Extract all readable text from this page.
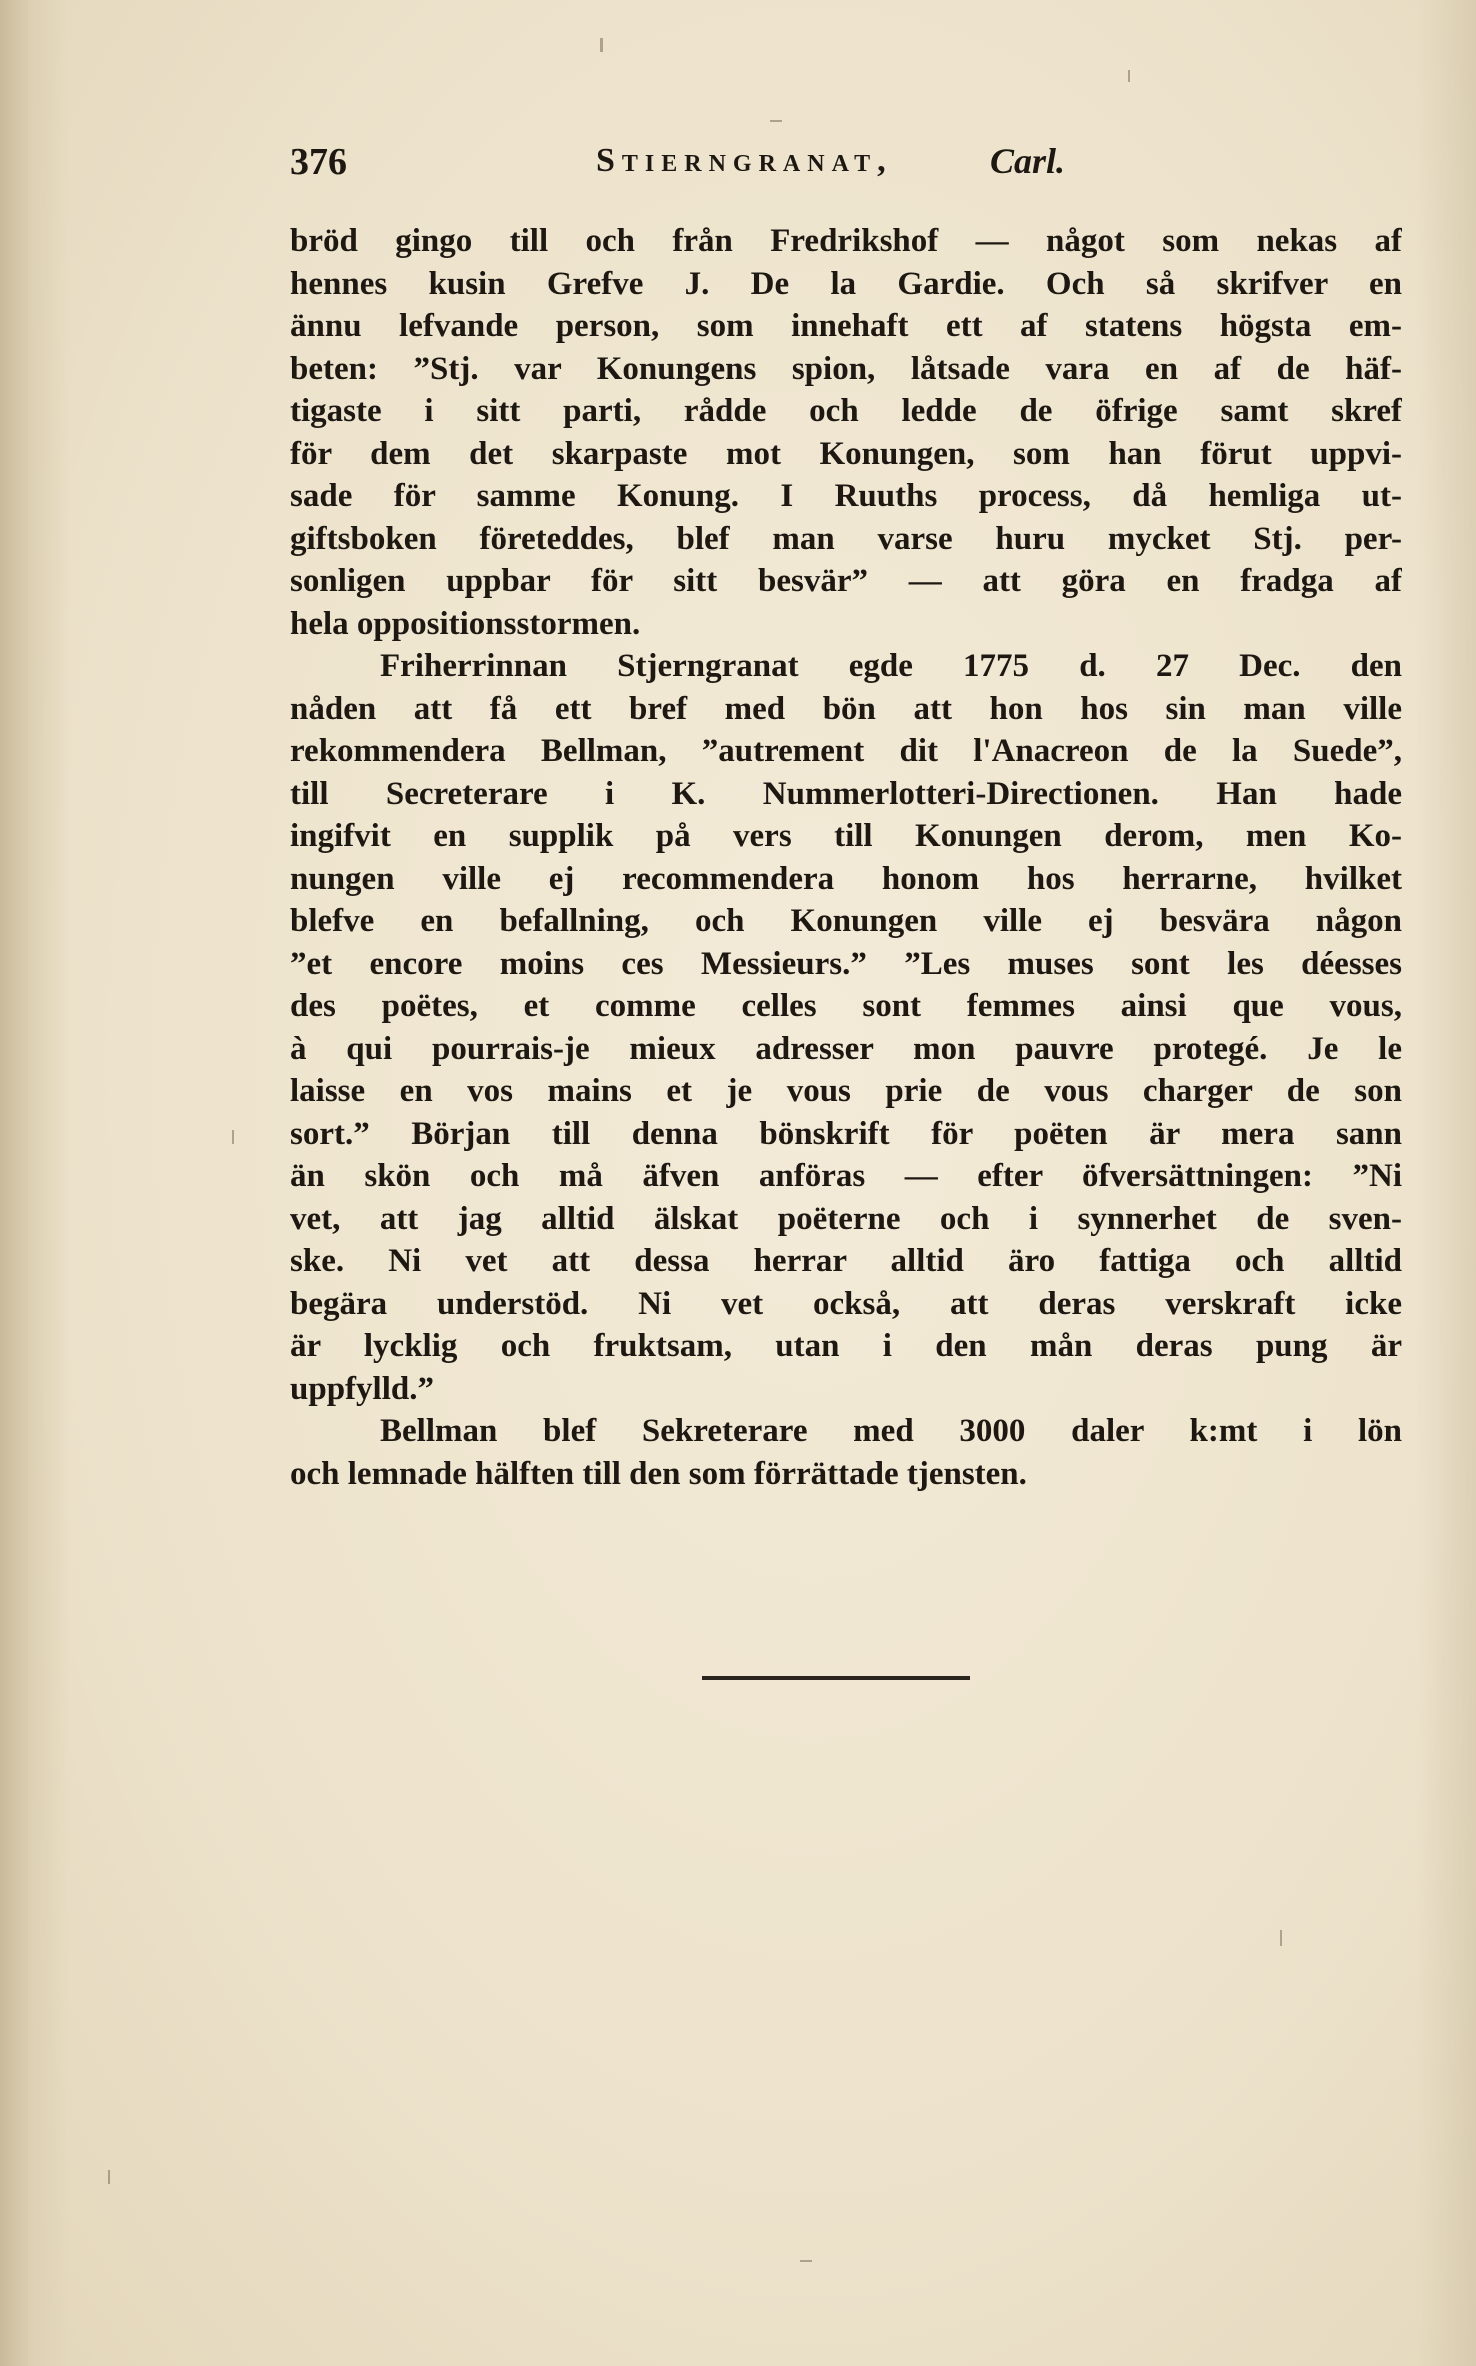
376	Stierngranat,	Carl.
bröd gingo till och från Fredrikshof — något som nekas af
hennes kusin Grefve J. De la Gardie. Och så skrifver en
ännu lefvande person, som innehaft ett af statens högsta em-
beten: ”Stj. var Konungens spion, låtsade vara en af de häf-
tigaste i sitt parti, rådde och ledde de öfrige samt skref
för dem det skarpaste mot Konungen, som han förut uppvi-
sade för samme Konung. I Ruuths process, då hemliga ut-
giftsboken företeddes, blef man varse huru mycket Stj. per-
sonligen uppbar för sitt besvär” — att göra en fradga af
hela oppositionsstormen.
Friherrinnan Stjerngranat egde 1775 d. 27 Dec. den
nåden att få ett bref med bön att hon hos sin man ville
rekommendera Bellman, ”autrement dit l'Anacreon de la Suede”,
till Secreterare i K. Nummerlotteri-Directionen. Han hade
ingifvit en supplik på vers till Konungen derom, men Ko-
nungen ville ej recommendera honom hos herrarne, hvilket
blefve en befallning, och Konungen ville ej besvära någon
”et encore moins ces Messieurs.” ”Les muses sont les déesses
des poëtes, et comme celles sont femmes ainsi que vous,
à qui pourrais-je mieux adresser mon pauvre protegé. Je le
laisse en vos mains et je vous prie de vous charger de son
sort.” Början till denna bönskrift för poëten är mera sann
än skön och må äfven anföras — efter öfversättningen: ”Ni
vet, att jag alltid älskat poëterne och i synnerhet de sven-
ske. Ni vet att dessa herrar alltid äro fattiga och alltid
begära understöd. Ni vet också, att deras verskraft icke
är lycklig och fruktsam, utan i den mån deras pung är
uppfylld.”
Bellman blef Sekreterare med 3000 daler k:mt i lön
och lemnade hälften till den som förrättade tjensten.
